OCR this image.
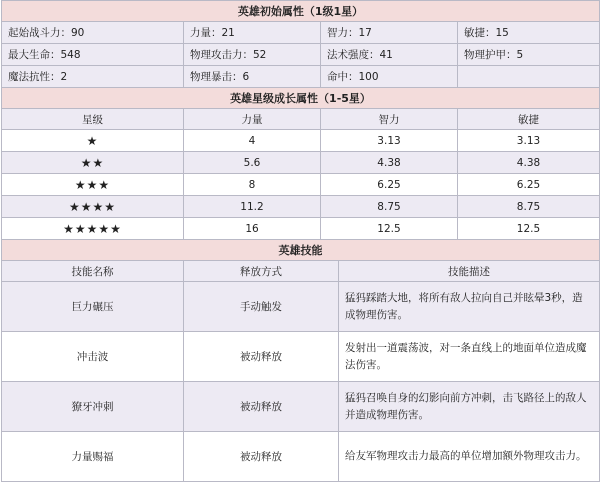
英雄初始属性（1级1星）			
起始战斗力：90	力量：21	智力：17	敏捷：15
最大生命：548	物理攻击力：52	法术强度：41	物理护甲：5
魔法抗性：2	物理暴击：6	命中：100	
英雄星级成长属性（1-5星）			
星级	力量	智力	敏捷
★	4	3.13	3.13
★★	5.6	4.38	4.38
★★★	8	6.25	6.25
★★★★	11.2	8.75	8.75
★★★★★	16	12.5	12.5
英雄技能		
技能名称	释放方式	技能描述
巨力碾压	手动触发	猛犸踩踏大地，将所有敌人拉向自己并眩晕3秒，造成物理伤害。
冲击波	被动释放	发射出一道震荡波，对一条直线上的地面单位造成魔法伤害。
獠牙冲刺	被动释放	猛犸召唤自身的幻影向前方冲刺，击飞路径上的敌人并造成物理伤害。
力量赐福	被动释放	给友军物理攻击力最高的单位增加额外物理攻击力。
